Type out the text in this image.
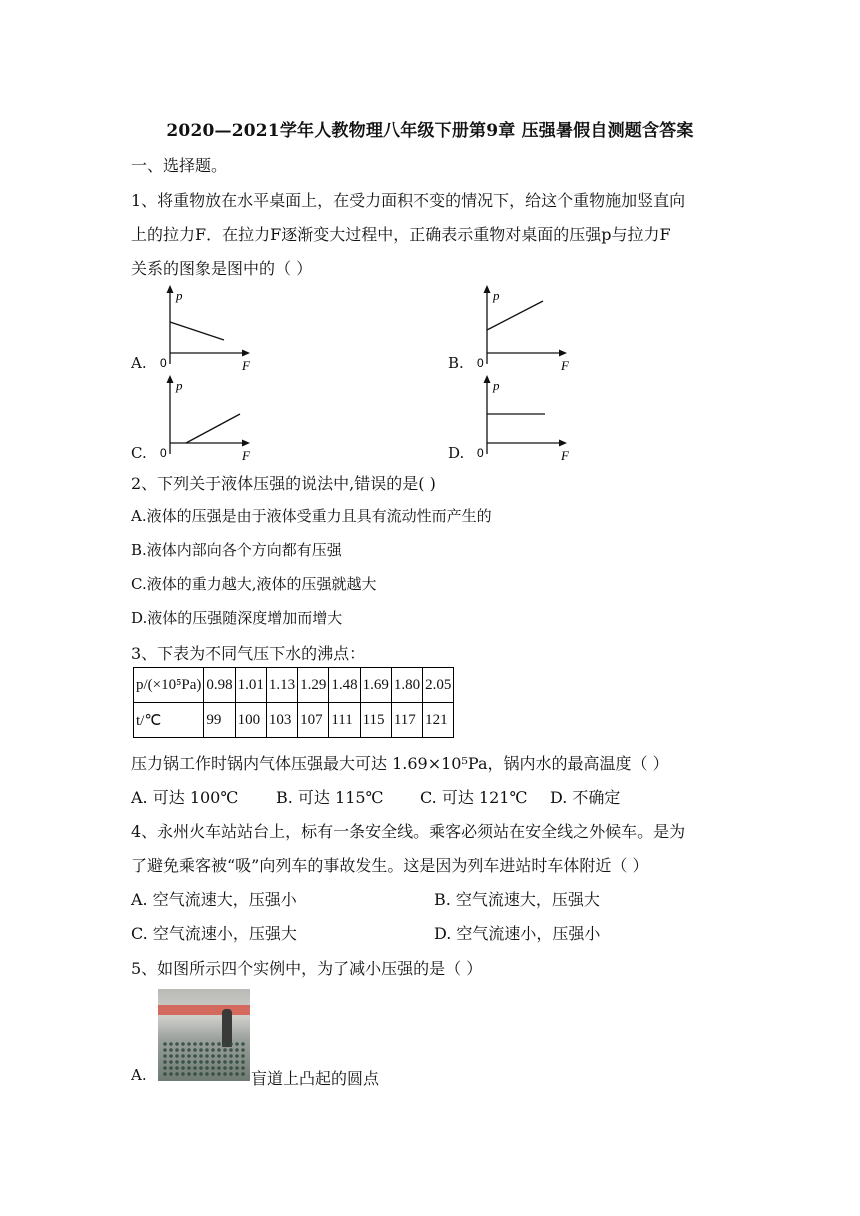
2020—2021学年人教物理八年级下册第9章 压强暑假自测题含答案
一、选择题。
1、将重物放在水平桌面上，在受力面积不变的情况下，给这个重物施加竖直向
上的拉力F．在拉力F逐渐变大过程中，正确表示重物对桌面的压强p与拉力F
关系的图象是图中的（ ）
A.
p
F
0	B.
p
F
0
C.
p
F
0	D.
p
F
0
2、下列关于液体压强的说法中,错误的是( )
A.液体的压强是由于液体受重力且具有流动性而产生的
B.液体内部向各个方向都有压强
C.液体的重力越大,液体的压强就越大
D.液体的压强随深度增加而增大
3、下表为不同气压下水的沸点：
p/(×10⁵Pa)	0.98	1.01	1.13	1.29	1.48	1.69	1.80	2.05
t/℃	99	100	103	107	111	115	117	121
压力锅工作时锅内气体压强最大可达 1.69×10⁵Pa，锅内水的最高温度（ ）
A. 可达 100℃ B. 可达 115℃ C. 可达 121℃ D. 不确定
4、永州火车站站台上，标有一条安全线。乘客必须站在安全线之外候车。是为
了避免乘客被“吸”向列车的事故发生。这是因为列车进站时车体附近（ ）
A. 空气流速大，压强小	B. 空气流速大，压强大
C. 空气流速小，压强大	D. 空气流速小，压强小
5、如图所示四个实例中，为了减小压强的是（ ）
A.	盲道上凸起的圆点
